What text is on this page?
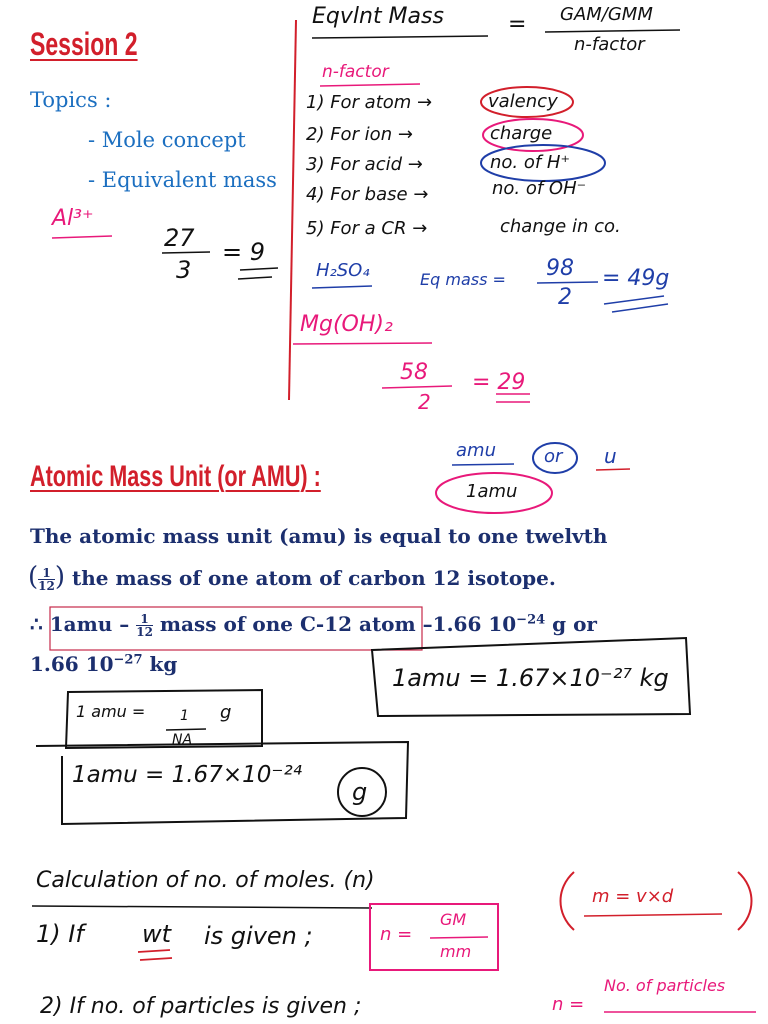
Session 2
Topics :
- Mole concept
- Equivalent mass
Eqvlnt Mass	= GAM/GMM
n-factor
n-factor
1) For atom →	valency
2) For ion →	charge
3) For acid →	no. of H⁺
4) For base →	no. of OH⁻
5) For a CR →	change in co.
Al³⁺
27
3
= 9
H₂SO₄	Eq mass = 98
2
= 49g
Mg(OH)₂
58
2
= 29
Atomic Mass Unit (or AMU) :
amu	or u
1amu
The atomic mass unit (amu) is equal to one twelvth
( $\frac{1}{12}$ ) the mass of one atom of carbon 12 isotope.
∴ $1amu - \frac{1}{12}$ mass of one C-12 atom –1.66 $10^{-24}$ g or
1.66 $10^{-27}$ kg	1amu = 1.67×10⁻²⁷ kg
1 amu = 1
NA
g
1amu = 1.67×10⁻²⁴
g
Calculation of no. of moles. (n)
m = v×d
1) If wt is given ;	n =
GM
mm
2) If no. of particles is given ;	n =
No. of particles
